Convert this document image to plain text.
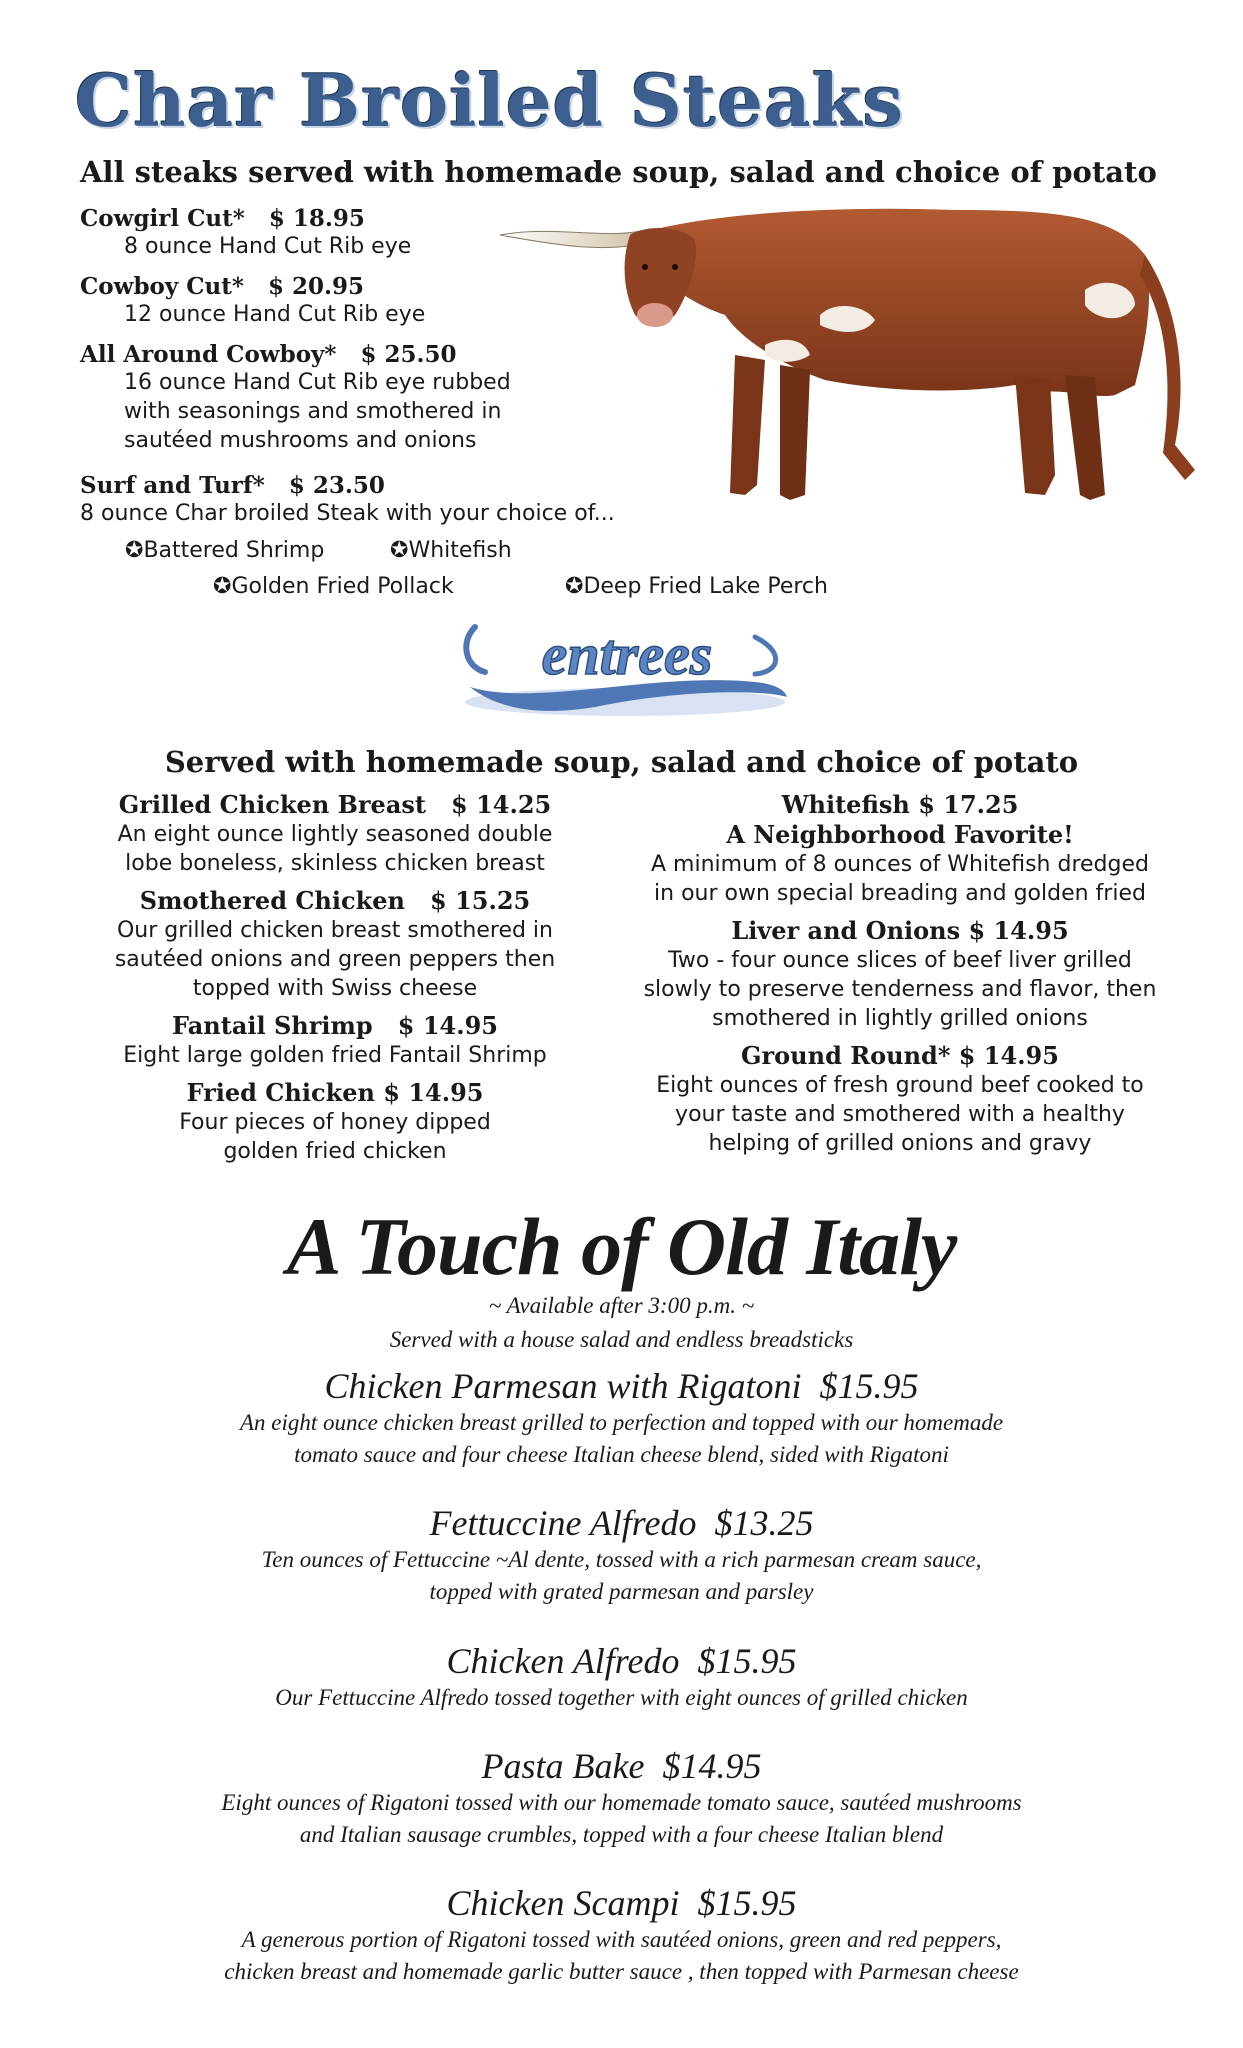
Char Broiled Steaks
All steaks served with homemade soup, salad and choice of potato
Cowgirl Cut* $ 18.95
8 ounce Hand Cut Rib eye
Cowboy Cut* $ 20.95
12 ounce Hand Cut Rib eye
All Around Cowboy* $ 25.50
16 ounce Hand Cut Rib eye rubbed
with seasonings and smothered in
sautéed mushrooms and onions
Surf and Turf* $ 23.50
8 ounce Char broiled Steak with your choice of...
✪Battered Shrimp	✪Whitefish
✪Golden Fried Pollack	✪Deep Fried Lake Perch
entrees
Served with homemade soup, salad and choice of potato
Grilled Chicken Breast $ 14.25
An eight ounce lightly seasoned double
lobe boneless, skinless chicken breast
Smothered Chicken $ 15.25
Our grilled chicken breast smothered in
sautéed onions and green peppers then
topped with Swiss cheese
Fantail Shrimp $ 14.95
Eight large golden fried Fantail Shrimp
Fried Chicken $ 14.95
Four pieces of honey dipped
golden fried chicken
Whitefish $ 17.25
A Neighborhood Favorite!
A minimum of 8 ounces of Whitefish dredged
in our own special breading and golden fried
Liver and Onions $ 14.95
Two - four ounce slices of beef liver grilled
slowly to preserve tenderness and flavor, then
smothered in lightly grilled onions
Ground Round* $ 14.95
Eight ounces of fresh ground beef cooked to
your taste and smothered with a healthy
helping of grilled onions and gravy
A Touch of Old Italy
~ Available after 3:00 p.m. ~
Served with a house salad and endless breadsticks
Chicken Parmesan with Rigatoni $15.95
An eight ounce chicken breast grilled to perfection and topped with our homemade
tomato sauce and four cheese Italian cheese blend, sided with Rigatoni
Fettuccine Alfredo $13.25
Ten ounces of Fettuccine ~Al dente, tossed with a rich parmesan cream sauce,
topped with grated parmesan and parsley
Chicken Alfredo $15.95
Our Fettuccine Alfredo tossed together with eight ounces of grilled chicken
Pasta Bake $14.95
Eight ounces of Rigatoni tossed with our homemade tomato sauce, sautéed mushrooms
and Italian sausage crumbles, topped with a four cheese Italian blend
Chicken Scampi $15.95
A generous portion of Rigatoni tossed with sautéed onions, green and red peppers,
chicken breast and homemade garlic butter sauce , then topped with Parmesan cheese
